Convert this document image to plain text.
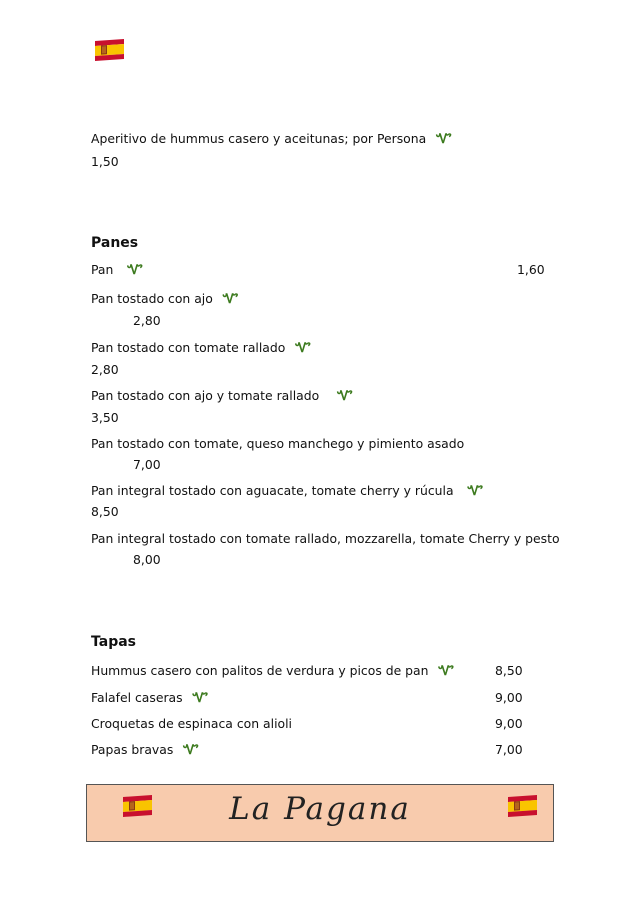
Aperitivo de hummus casero y aceitunas; por Persona Ꮙ
1,50
Panes
Pan Ꮙ	1,60
Pan tostado con ajo Ꮙ
2,80
Pan tostado con tomate rallado Ꮙ
2,80
Pan tostado con ajo y tomate rallado Ꮙ
3,50
Pan tostado con tomate, queso manchego y pimiento asado
7,00
Pan integral tostado con aguacate, tomate cherry y rúcula Ꮙ
8,50
Pan integral tostado con tomate rallado, mozzarella, tomate Cherry y pesto
8,00
Tapas
Hummus casero con palitos de verdura y picos de pan Ꮙ	8,50
Falafel caseras Ꮙ	9,00
Croquetas de espinaca con alioli	9,00
Papas bravas Ꮙ	7,00
La Pagana
